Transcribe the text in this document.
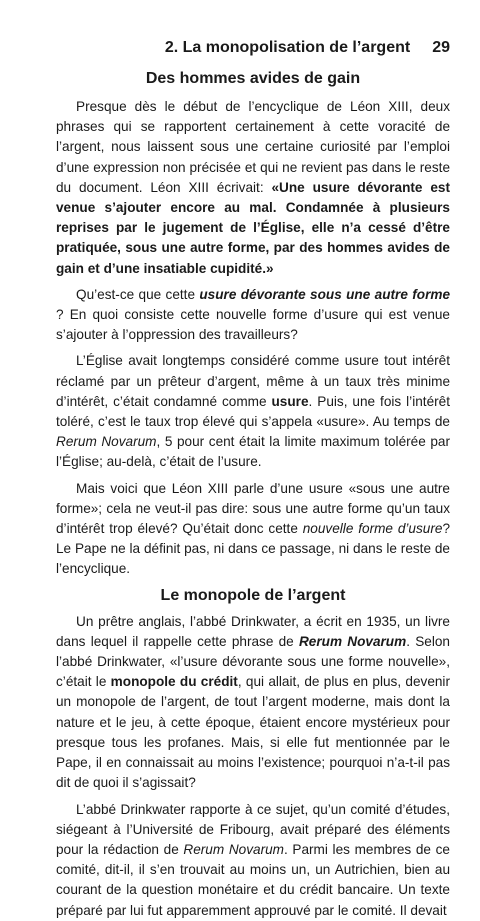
2. La monopolisation de l’argent 29
Des hommes avides de gain

Presque dès le début de l’encyclique de Léon XIII, deux phrases qui se rapportent certainement à cette voracité de l’argent, nous laissent sous une certaine curiosité par l’emploi d’une expression non précisée et qui ne revient pas dans le reste du document. Léon XIII écrivait: «Une usure dévorante est venue s’ajouter encore au mal. Condamnée à plusieurs reprises par le jugement de l’Église, elle n’a cessé d’être pratiquée, sous une autre forme, par des hommes avides de gain et d’une insatiable cupidité.»

Qu’est-ce que cette usure dévorante sous une autre forme ? En quoi consiste cette nouvelle forme d’usure qui est venue s’ajouter à l’oppression des travailleurs?

L’Église avait longtemps considéré comme usure tout intérêt réclamé par un prêteur d’argent, même à un taux très minime d’intérêt, c’était condamné comme usure. Puis, une fois l’intérêt toléré, c’est le taux trop élevé qui s’appela «usure». Au temps de Rerum Novarum, 5 pour cent était la limite maximum tolérée par l’Église; au-delà, c’était de l’usure.

Mais voici que Léon XIII parle d’une usure «sous une autre forme»; cela ne veut-il pas dire: sous une autre forme qu’un taux d’intérêt trop élevé? Qu’était donc cette nouvelle forme d’usure? Le Pape ne la définit pas, ni dans ce passage, ni dans le reste de l’encyclique.

Le monopole de l’argent

Un prêtre anglais, l’abbé Drinkwater, a écrit en 1935, un livre dans lequel il rappelle cette phrase de Rerum Novarum. Selon l’abbé Drinkwater, «l’usure dévorante sous une forme nouvelle», c’était le monopole du crédit, qui allait, de plus en plus, devenir un monopole de l’argent, de tout l’argent moderne, mais dont la nature et le jeu, à cette époque, étaient encore mystérieux pour presque tous les profanes. Mais, si elle fut mentionnée par le Pape, il en connaissait au moins l’existence; pourquoi n’a-t-il pas dit de quoi il s’agissait?

L’abbé Drinkwater rapporte à ce sujet, qu’un comité d’études, siégeant à l’Université de Fribourg, avait préparé des éléments pour la rédaction de Rerum Novarum. Parmi les membres de ce comité, dit-il, il s’en trouvait au moins un, un Autrichien, bien au courant de la question monétaire et du crédit bancaire. Un texte préparé par lui fut apparemment approuvé par le comité. Il devait
